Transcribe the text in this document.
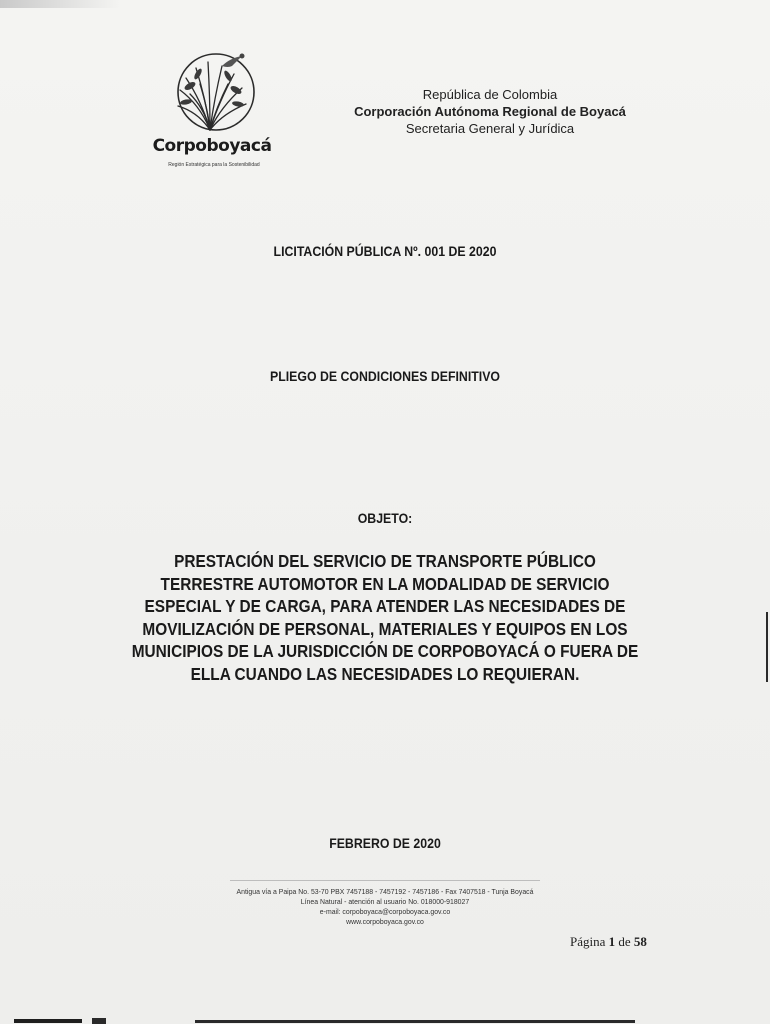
Corpoboyacá
Región Estratégica para la Sostenibilidad
República de Colombia
Corporación Autónoma Regional de Boyacá
Secretaria General y Jurídica
LICITACIÓN PÚBLICA Nº. 001 DE 2020
PLIEGO DE CONDICIONES DEFINITIVO
OBJETO:
PRESTACIÓN DEL SERVICIO DE TRANSPORTE PÚBLICO
TERRESTRE AUTOMOTOR EN LA MODALIDAD DE SERVICIO
ESPECIAL Y DE CARGA, PARA ATENDER LAS NECESIDADES DE
MOVILIZACIÓN DE PERSONAL, MATERIALES Y EQUIPOS EN LOS
MUNICIPIOS DE LA JURISDICCIÓN DE CORPOBOYACÁ O FUERA DE
ELLA CUANDO LAS NECESIDADES LO REQUIERAN.
FEBRERO DE 2020
Antigua vía a Paipa No. 53-70 PBX 7457188 - 7457192 - 7457186 - Fax 7407518 - Tunja Boyacá
Línea Natural - atención al usuario No. 018000-918027
e-mail: corpoboyaca@corpoboyaca.gov.co
www.corpoboyaca.gov.co
Página 1 de 58
